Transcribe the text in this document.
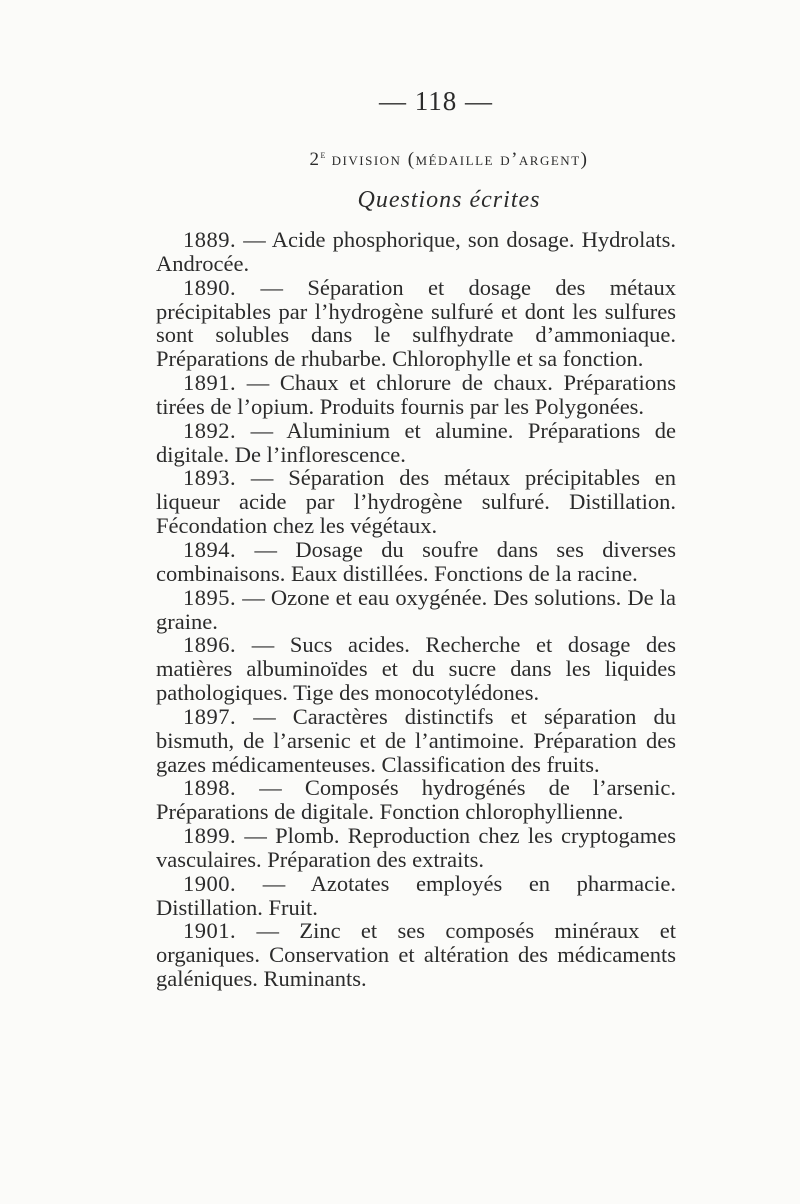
— 118 —
2e division (médaille d’argent)
Questions écrites

1889. — Acide phosphorique, son dosage. Hydrolats. Androcée.

1890. — Séparation et dosage des métaux précipitables par l’hydrogène sulfuré et dont les sulfures sont solubles dans le sulfhydrate d’ammoniaque. Préparations de rhubarbe. Chlorophylle et sa fonction.

1891. — Chaux et chlorure de chaux. Préparations tirées de l’opium. Produits fournis par les Polygonées.

1892. — Aluminium et alumine. Préparations de digitale. De l’inflorescence.

1893. — Séparation des métaux précipitables en liqueur acide par l’hydrogène sulfuré. Distillation. Fécondation chez les végétaux.

1894. — Dosage du soufre dans ses diverses combinaisons. Eaux distillées. Fonctions de la racine.

1895. — Ozone et eau oxygénée. Des solutions. De la graine.

1896. — Sucs acides. Recherche et dosage des matières albuminoïdes et du sucre dans les liquides pathologiques. Tige des monocotylédones.

1897. — Caractères distinctifs et séparation du bismuth, de l’arsenic et de l’antimoine. Préparation des gazes médicamenteuses. Classification des fruits.

1898. — Composés hydrogénés de l’arsenic. Préparations de digitale. Fonction chlorophyllienne.

1899. — Plomb. Reproduction chez les cryptogames vasculaires. Préparation des extraits.

1900. — Azotates employés en pharmacie. Distillation. Fruit.

1901. — Zinc et ses composés minéraux et organiques. Conservation et altération des médicaments galéniques. Ruminants.
